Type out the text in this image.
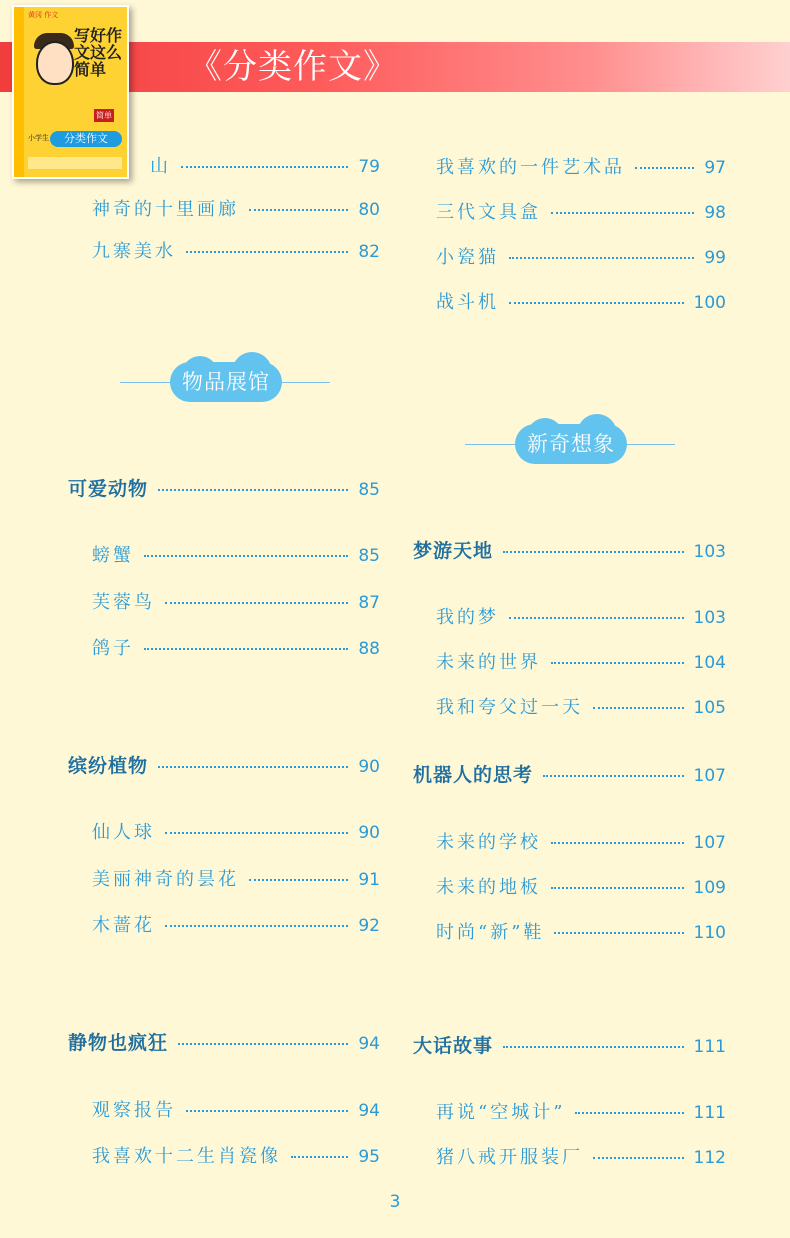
《分类作文》
黄冈 作文
写好作文这么简单
简单
小学生	分类作文
山	79
神奇的十里画廊	80
九寨美水	82
物品展馆
可爱动物	85
螃蟹	85
芙蓉鸟	87
鸽子	88
缤纷植物	90
仙人球	90
美丽神奇的昙花	91
木蔷花	92
静物也疯狂	94
观察报告	94
我喜欢十二生肖瓷像	95
我喜欢的一件艺术品	97
三代文具盒	98
小瓷猫	99
战斗机	100
新奇想象
梦游天地	103
我的梦	103
未来的世界	104
我和夸父过一天	105
机器人的思考	107
未来的学校	107
未来的地板	109
时尚“新”鞋	110
大话故事	111
再说“空城计”	111
猪八戒开服装厂	112
3
